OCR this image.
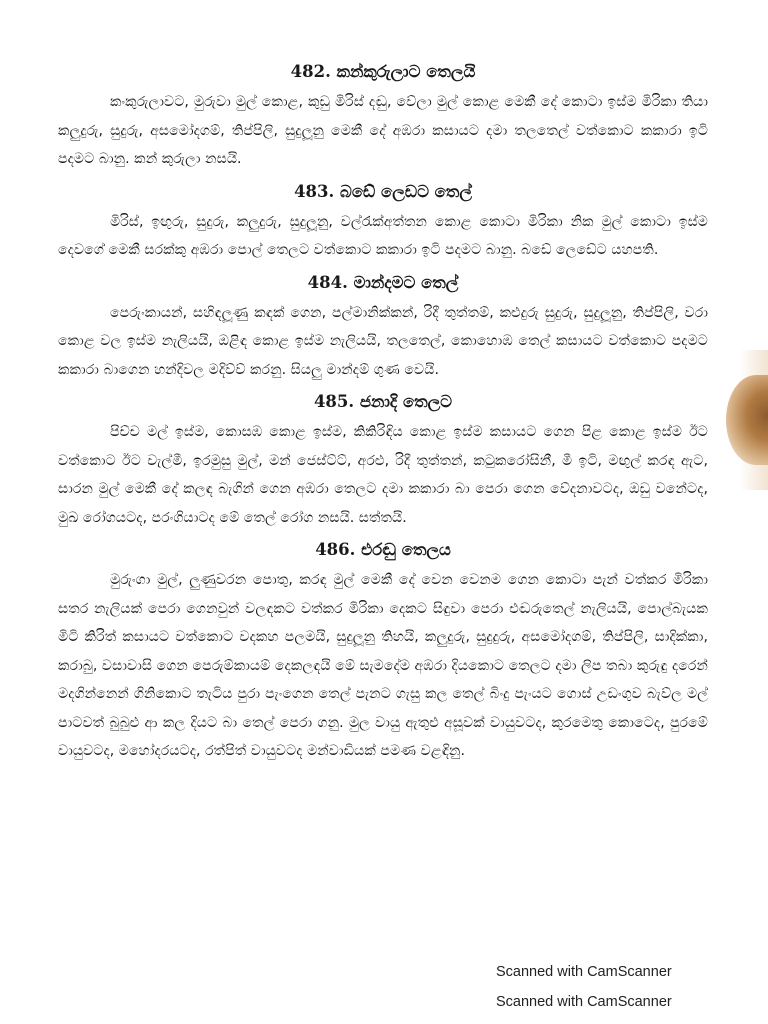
482. කන්කුරුලාට තෙලයි

කංකුරුලාවට, මුරුවා මුල් කොළ, කුඩු මිරිස් දඬු, වේලා මුල් කොළ මෙකී දේ කොටා ඉස්ම මිරිකා තියා කලුදුරු, සුදුරු, අසමෝදගම්, තිප්පිලි, සුදුලූනු මෙකී දේ අඹරා කසායට දමා තලතෙල් වත්කොට කකාරා ඉටි පදමට බානු. කන් කුරුලා නසයි.

483. බඩේ ලෙඩට තෙල්

මිරිස්, ඉඟුරු, සුදුරු, කලුදුරු, සුදුලූනු, වල්රැක්අත්තන කොළ කොටා මිරිකා නික මුල් කොටා ඉස්ම දෙවගේ මෙකී සරක්කු අඹරා පොල් තෙලට වත්කොට කකාරා ඉටි පදමට බානු. බඩේ ලෙඩේට යහපති.

484. මාන්දමට තෙල්

පෙරුංකායන්, සහිඳලූණු කඳක් ගෙන, පල්මානික්කන්, රිදී තුත්තම්, කළුදුරු සුදුරු, සුදුලූනු, තිප්පිලි, වරා කොළ වල ඉස්ම නැලියයි, ඔළිඳ කොළ ඉස්ම නැලියයි, තලතෙල්, කොහොඹ තෙල් කසායට වත්කොට පදමට කකාරා බාගෙන හන්දිවල මදිව්ව් කරනු. සියලු මාන්දම් ගුණ වෙයි.

485. ජනාදි තෙලට

පිච්ච මල් ඉස්ම, කොසඹ කොළ ඉස්ම, කිකිරිඳිය කොළ ඉස්ම කසායට ගෙන පිළ කොළ ඉස්ම ඊට වත්කොට ඊට වැල්මී, ඉරමුසු මුල්, මන් ජෙස්ට්ට්, අරළු, රිදී තුත්තන්, කටුකරෝසිනී, මී ඉටි, මඟුල් කරඳ ඇට, සාරන මුල් මෙකී දේ කලඳ බැගින් ගෙන අඹරා තෙලට දමා කකාරා බා පෙරා ගෙන වේදනාවටද, ඔඩු වනේටද, මුඛ රෝගයටද, පරංගියාටද මේ තෙල් රෝග නසයි. සත්තයි.

486. එරඬු තෙලය

මුරුංගා මුල්, ලුණුවරන පොතු, කරඳ මුල් මෙකී දේ වෙන වෙනම ගෙන කොටා පැන් වත්කර මිරිකා සතර නැලියක් පෙරා ගෙනවුන් වලඳකට වත්කර මිරිකා දෙකට සිඳුවා පෙරා එඬරුතෙල් නැලියයි, පොල්බැයක මිටි කිරිත් කසායට වත්කොට වදකහ පලමයි, සුදුලූනු තිහයි, කලුදුරු, සුදුදුරු, අසමෝදගම්, තිප්පිලි, සාදික්කා, කරාබු, වසාවාසි ගෙන පෙරුම්කායම් දෙකලඳයි මේ සැමදේම අඹරා දියකොට තෙලට දමා ලිප තබා කුරුඳු දරෙන් මදගින්නෙන් ගිනිකොට තැටිය පුරා පැංගෙන තෙල් පැනට ගැසු කල තෙල් බිංදු පැංයට ගොස් උඩංගුව බැව්ල මල් පාටවත් බුබුළු ආ කල දියට බා තෙල් පෙරා ගනු. මුල වායු ඇතුළු අසූවක් වායුවටද, කුරමෙතු කොටෙද, පුරමේ වායුවටද, මහෝදරයටද, රත්පිත් වායුවටද මන්වාඩියක් පමණ වළඳිනු.

Scanned with CamScanner
Scanned with CamScanner
